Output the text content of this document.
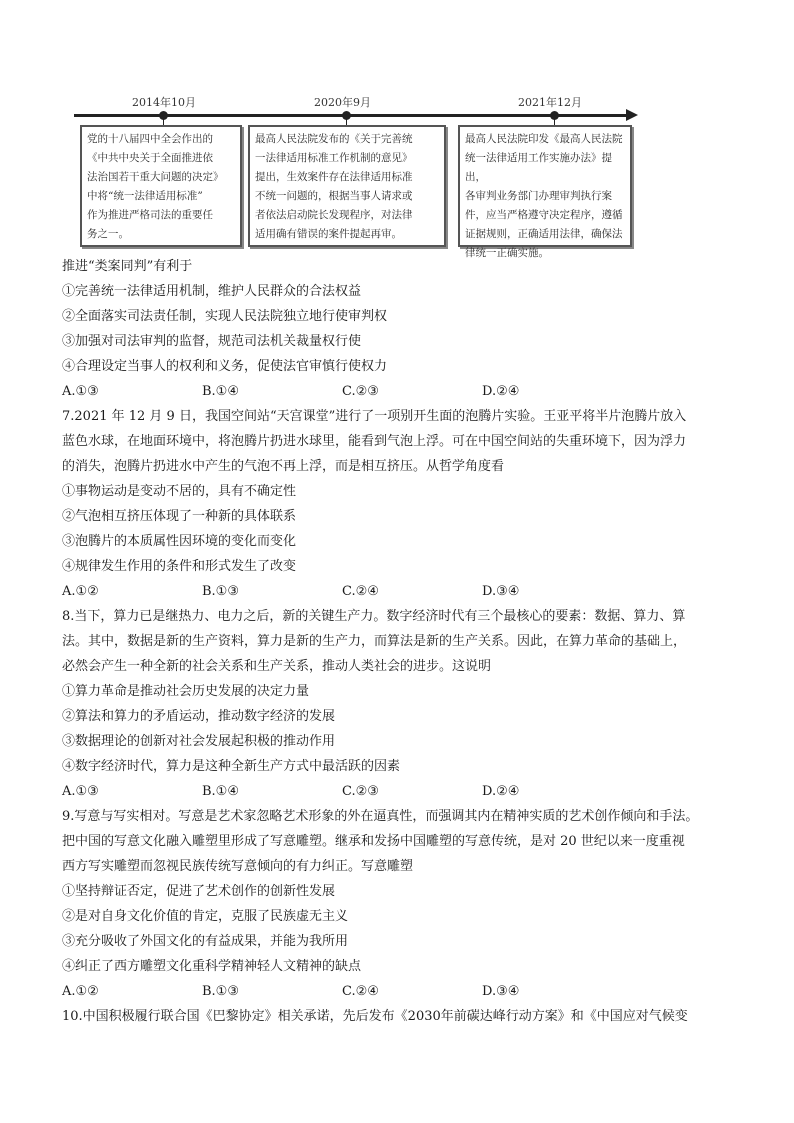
2014年10月	2020年9月	2021年12月
党的十八届四中全会作出的
《中共中央关于全面推进依
法治国若干重大问题的决定》
中将“统一法律适用标准”
作为推进严格司法的重要任
务之一。
最高人民法院发布的《关于完善统
一法律适用标准工作机制的意见》
提出，生效案件存在法律适用标准
不统一问题的，根据当事人请求或
者依法启动院长发现程序，对法律
适用确有错误的案件提起再审。
最高人民法院印发《最高人民法院
统一法律适用工作实施办法》提出，
各审判业务部门办理审判执行案
件，应当严格遵守决定程序，遵循
证据规则，正确适用法律，确保法
律统一正确实施。
推进“类案同判”有利于
①完善统一法律适用机制，维护人民群众的合法权益
②全面落实司法责任制，实现人民法院独立地行使审判权
③加强对司法审判的监督，规范司法机关裁量权行使
④合理设定当事人的权利和义务，促使法官审慎行使权力
A.①③	B.①④	C.②③	D.②④
7.2021 年 12 月 9 日，我国空间站“天宫课堂”进行了一项别开生面的泡腾片实验。王亚平将半片泡腾片放入
蓝色水球，在地面环境中，将泡腾片扔进水球里，能看到气泡上浮。可在中国空间站的失重环境下，因为浮力
的消失，泡腾片扔进水中产生的气泡不再上浮，而是相互挤压。从哲学角度看
①事物运动是变动不居的，具有不确定性
②气泡相互挤压体现了一种新的具体联系
③泡腾片的本质属性因环境的变化而变化
④规律发生作用的条件和形式发生了改变
A.①②	B.①③	C.②④	D.③④
8.当下，算力已是继热力、电力之后，新的关键生产力。数字经济时代有三个最核心的要素：数据、算力、算
法。其中，数据是新的生产资料，算力是新的生产力，而算法是新的生产关系。因此，在算力革命的基础上，
必然会产生一种全新的社会关系和生产关系，推动人类社会的进步。这说明
①算力革命是推动社会历史发展的决定力量
②算法和算力的矛盾运动，推动数字经济的发展
③数据理论的创新对社会发展起积极的推动作用
④数字经济时代，算力是这种全新生产方式中最活跃的因素
A.①③	B.①④	C.②③	D.②④
9.写意与写实相对。写意是艺术家忽略艺术形象的外在逼真性，而强调其内在精神实质的艺术创作倾向和手法。
把中国的写意文化融入雕塑里形成了写意雕塑。继承和发扬中国雕塑的写意传统，是对 20 世纪以来一度重视
西方写实雕塑而忽视民族传统写意倾向的有力纠正。写意雕塑
①坚持辩证否定，促进了艺术创作的创新性发展
②是对自身文化价值的肯定，克服了民族虚无主义
③充分吸收了外国文化的有益成果，并能为我所用
④纠正了西方雕塑文化重科学精神轻人文精神的缺点
A.①②	B.①③	C.②④	D.③④
10.中国积极履行联合国《巴黎协定》相关承诺，先后发布《2030年前碳达峰行动方案》和《中国应对气候变
